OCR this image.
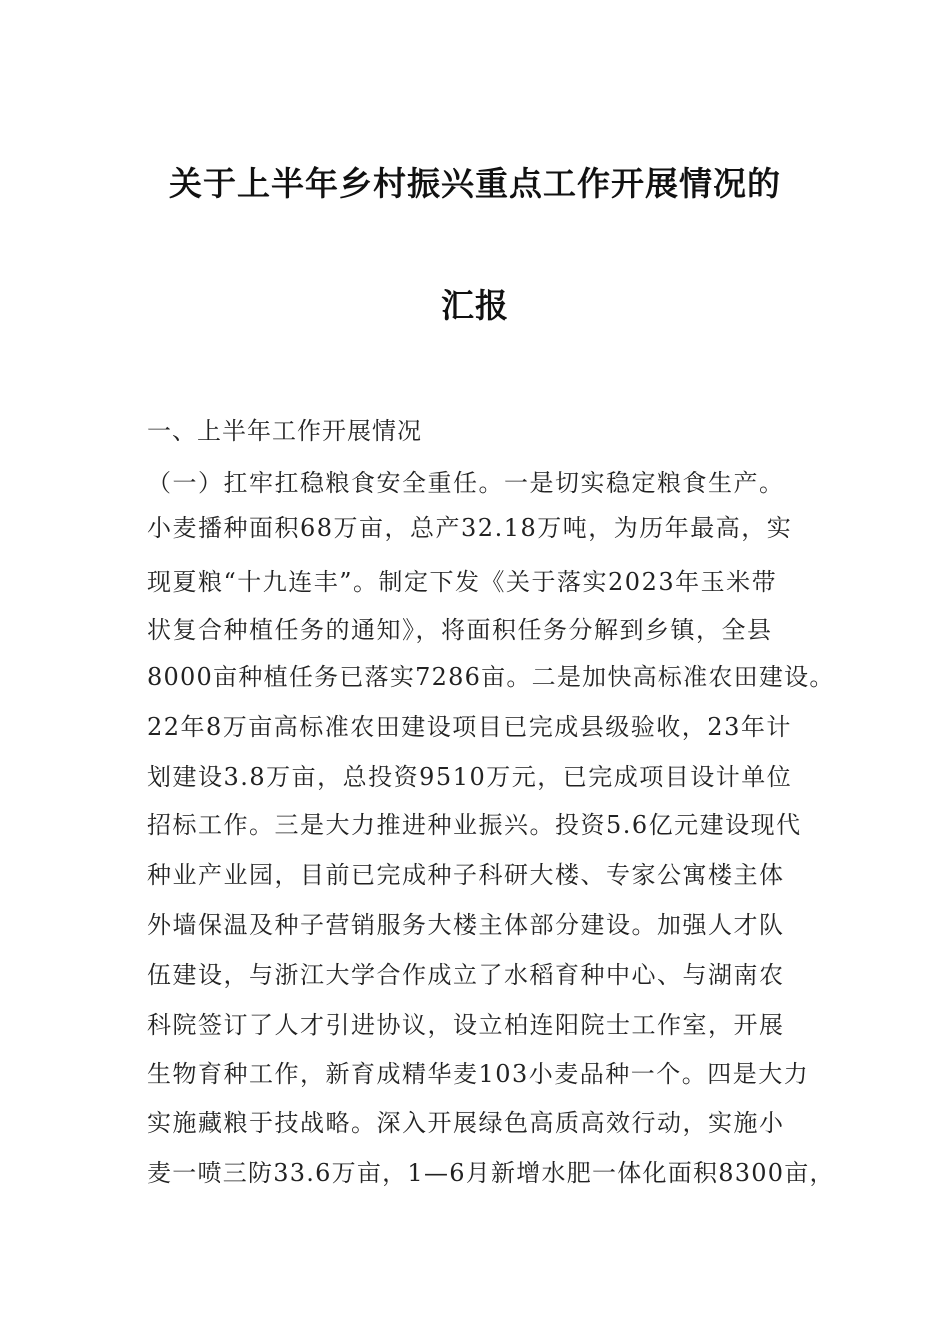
关于上半年乡村振兴重点工作开展情况的
汇报

一、上半年工作开展情况

（一）扛牢扛稳粮食安全重任。一是切实稳定粮食生产。

小麦播种面积68万亩，总产32.18万吨，为历年最高，实

现夏粮“十九连丰”。制定下发《关于落实2023年玉米带

状复合种植任务的通知》，将面积任务分解到乡镇，全县

8000亩种植任务已落实7286亩。二是加快高标准农田建设。

22年8万亩高标准农田建设项目已完成县级验收，23年计

划建设3.8万亩，总投资9510万元，已完成项目设计单位

招标工作。三是大力推进种业振兴。投资5.6亿元建设现代

种业产业园，目前已完成种子科研大楼、专家公寓楼主体

外墙保温及种子营销服务大楼主体部分建设。加强人才队

伍建设，与浙江大学合作成立了水稻育种中心、与湖南农

科院签订了人才引进协议，设立柏连阳院士工作室，开展

生物育种工作，新育成精华麦103小麦品种一个。四是大力

实施藏粮于技战略。深入开展绿色高质高效行动，实施小

麦一喷三防33.6万亩，1—6月新增水肥一体化面积8300亩，
